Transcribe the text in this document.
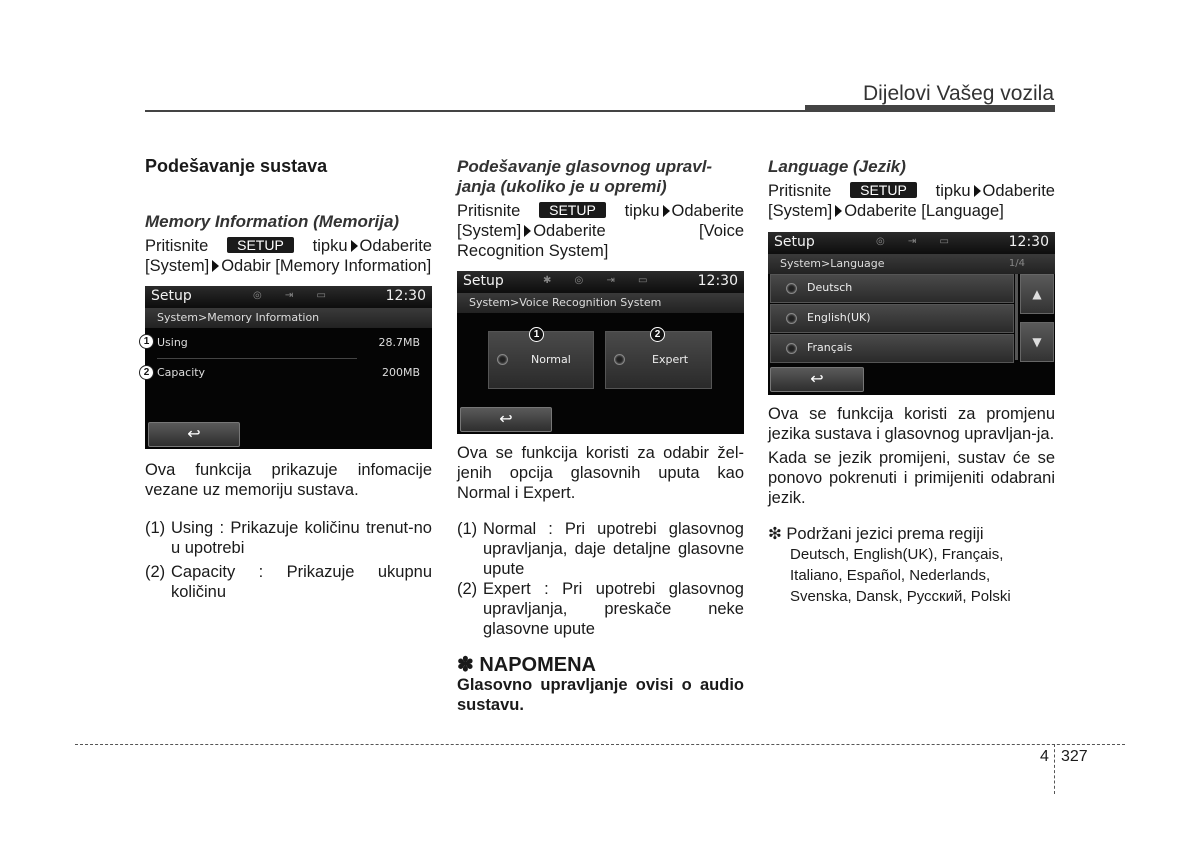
Dijelovi Vašeg vozila
Podešavanje sustava
Memory Information (Memorija)

Pritisnite SETUP tipku Odaberite [System] Odabir [Memory Information]

Setup	◎ ⇥ ▭	12:30
System>Memory Information
Using	28.7MB
Capacity	200MB
↩
1
2

Ova funkcija prikazuje infomacije vezane uz memoriju sustava.

(1) Using : Prikazuje količinu trenut-no u upotrebi
(2) Capacity : Prikazuje ukupnu količinu
Podešavanje glasovnog upravl-janja (ukoliko je u opremi)

Pritisnite SETUP tipku Odaberite [System] Odaberite [Voice Recognition System]

Setup	✱ ◎ ⇥ ▭	12:30
System>Voice Recognition System
Normal	Expert
↩
1	2

Ova se funkcija koristi za odabir žel-jenih opcija glasovnih uputa kao Normal i Expert.

(1) Normal : Pri upotrebi glasovnog upravljanja, daje detaljne glasovne upute
(2) Expert : Pri upotrebi glasovnog upravljanja, preskače neke glasovne upute
✽ NAPOMENA
Glasovno upravljanje ovisi o audio sustavu.
Language (Jezik)

Pritisnite SETUP tipku Odaberite [System] Odaberite [Language]

Setup	◎ ⇥ ▭	12:30
System>Language	1/4
Deutsch
English(UK)
Français
▲
▼
↩

Ova se funkcija koristi za promjenu jezika sustava i glasovnog upravljan-ja.

Kada se jezik promijeni, sustav će se ponovo pokrenuti i primijeniti odabrani jezik.

❇ Podržani jezici prema regiji

Deutsch, English(UK), Français, Italiano, Español, Nederlands, Svenska, Dansk, Русский, Polski

4 327
